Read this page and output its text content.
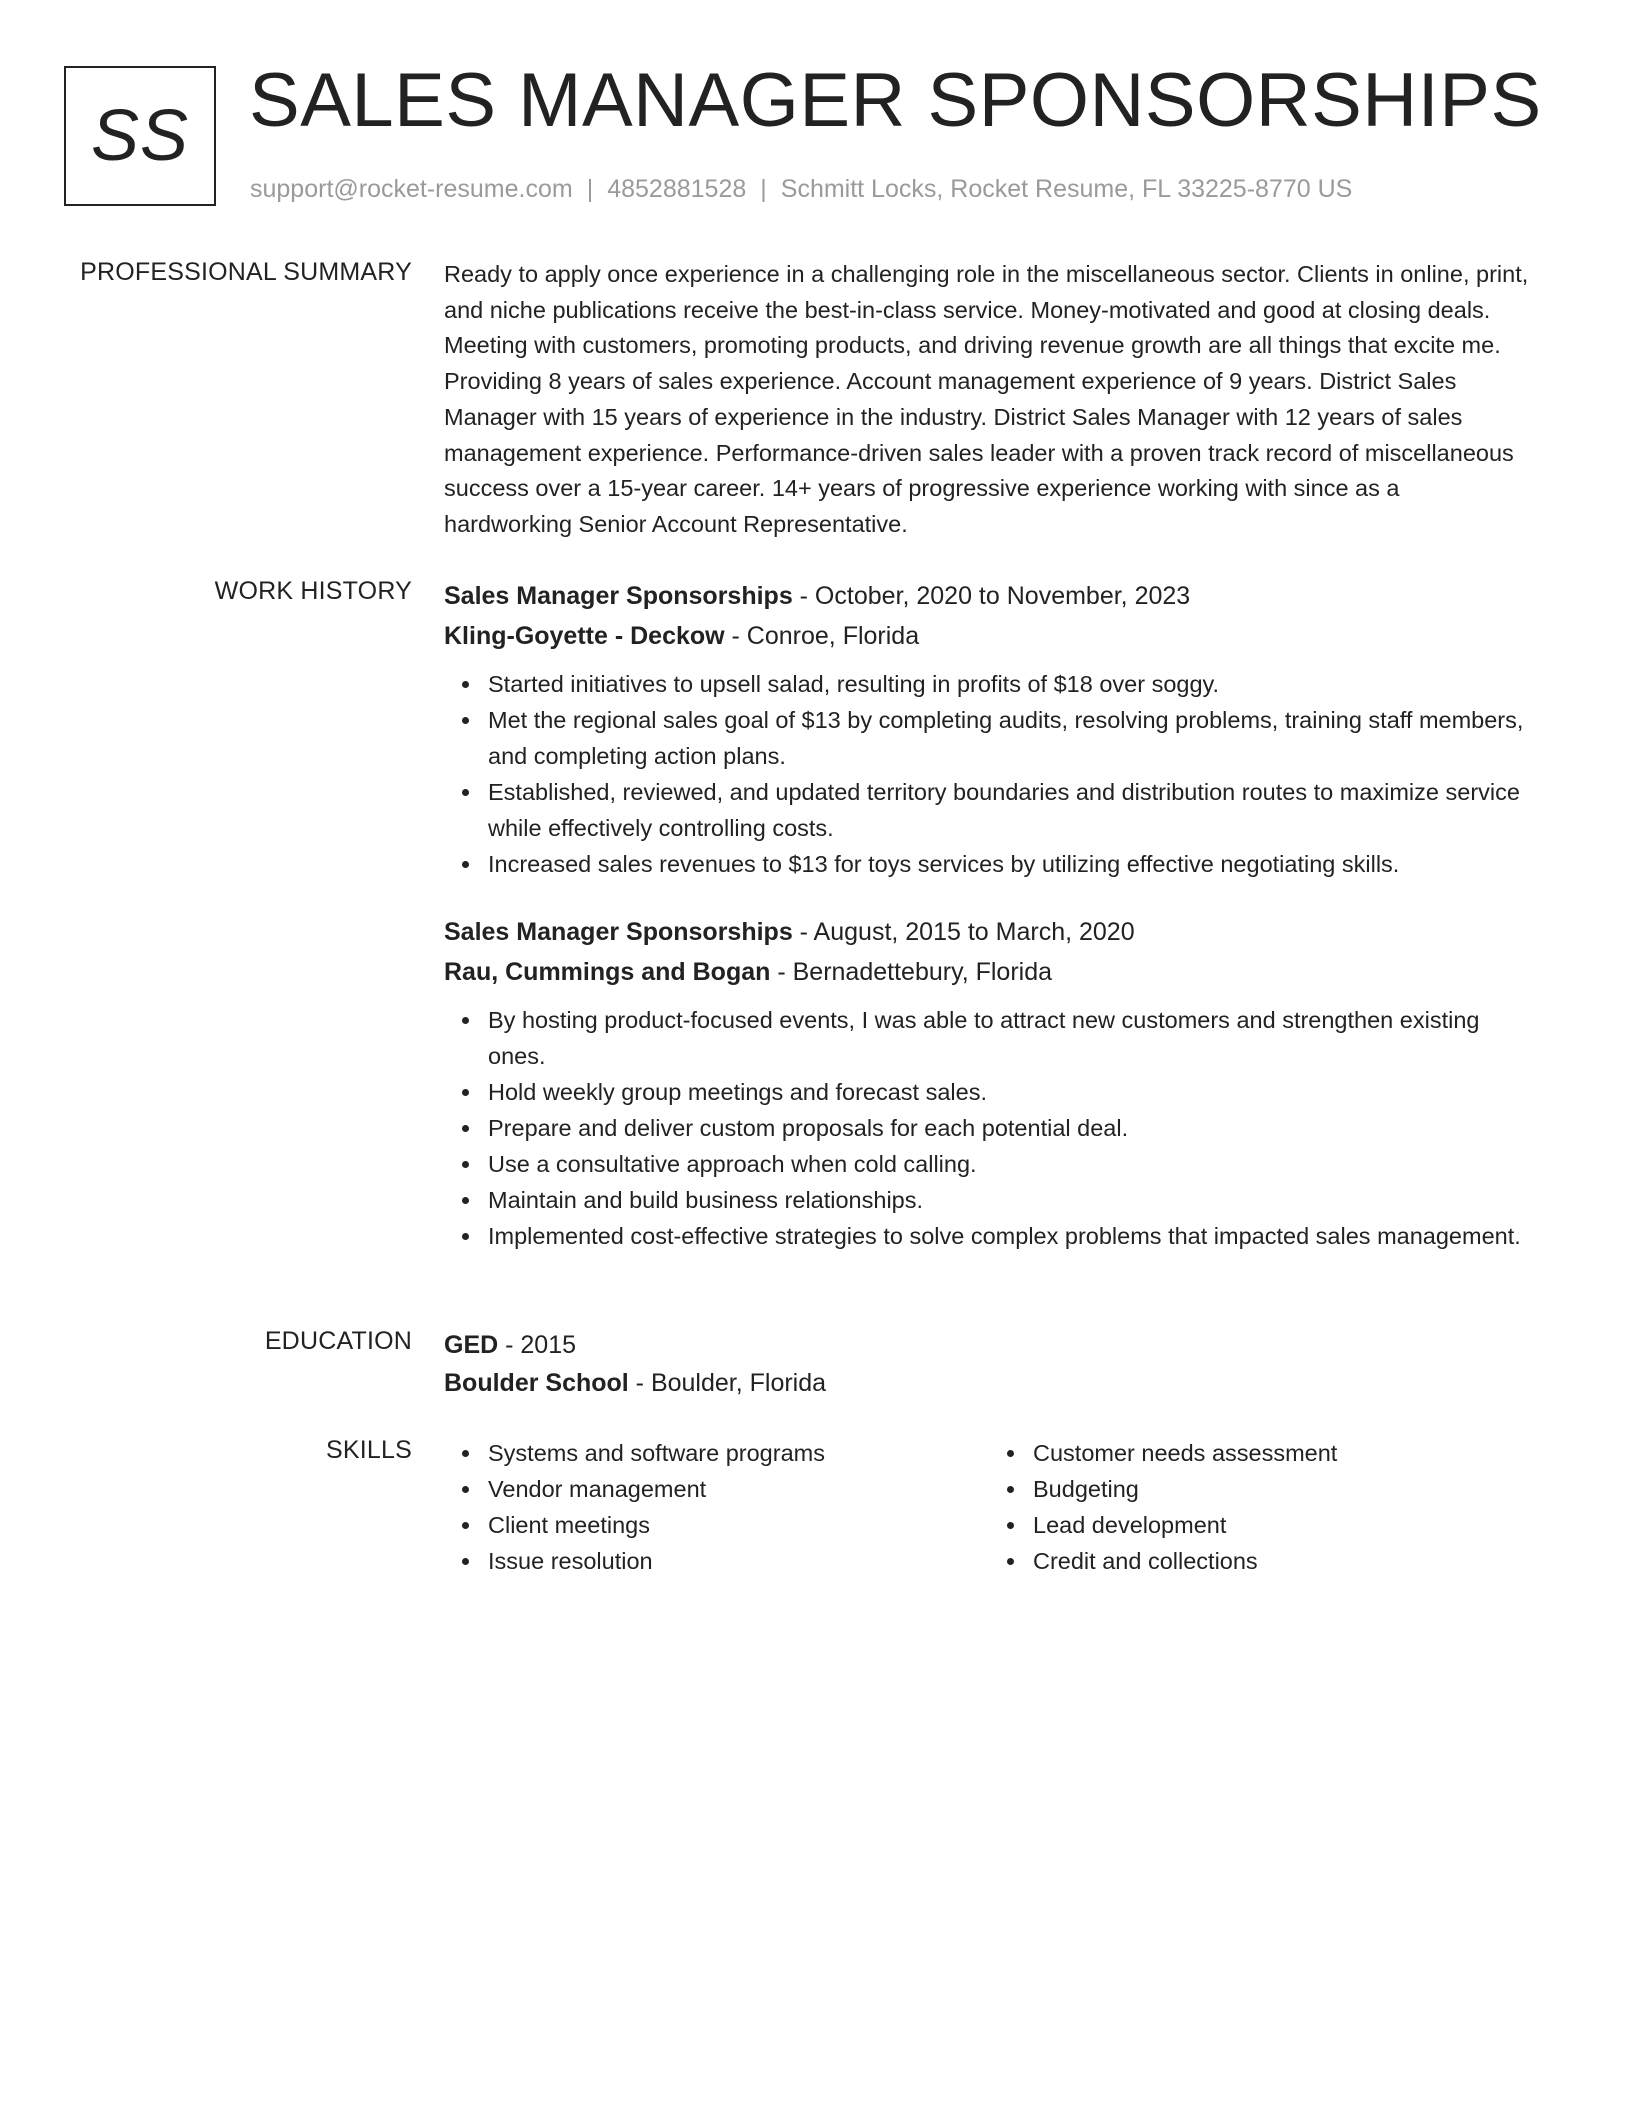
SS SALES MANAGER SPONSORSHIPS
support@rocket-resume.com | 4852881528 | Schmitt Locks, Rocket Resume, FL 33225-8770 US
PROFESSIONAL SUMMARY Ready to apply once experience in a challenging role in the miscellaneous sector. Clients in online, print, and niche publications receive the best-in-class service. Money-motivated and good at closing deals. Meeting with customers, promoting products, and driving revenue growth are all things that excite me. Providing 8 years of sales experience. Account management experience of 9 years. District Sales Manager with 15 years of experience in the industry. District Sales Manager with 12 years of sales management experience. Performance-driven sales leader with a proven track record of miscellaneous success over a 15-year career. 14+ years of progressive experience working with since as a hardworking Senior Account Representative.

WORK HISTORY Sales Manager Sponsorships - October, 2020 to November, 2023
Kling-Goyette - Deckow - Conroe, Florida
Started initiatives to upsell salad, resulting in profits of $18 over soggy.
Met the regional sales goal of $13 by completing audits, resolving problems, training staff members, and completing action plans.
Established, reviewed, and updated territory boundaries and distribution routes to maximize service while effectively controlling costs.
Increased sales revenues to $13 for toys services by utilizing effective negotiating skills.
Sales Manager Sponsorships - August, 2015 to March, 2020
Rau, Cummings and Bogan - Bernadettebury, Florida
By hosting product-focused events, I was able to attract new customers and strengthen existing ones.
Hold weekly group meetings and forecast sales.
Prepare and deliver custom proposals for each potential deal.
Use a consultative approach when cold calling.
Maintain and build business relationships.
Implemented cost-effective strategies to solve complex problems that impacted sales management.
EDUCATION GED - 2015
Boulder School - Boulder, Florida
SKILLS	Systems and software programs
Vendor management
Client meetings
Issue resolution
Customer needs assessment
Budgeting
Lead development
Credit and collections
